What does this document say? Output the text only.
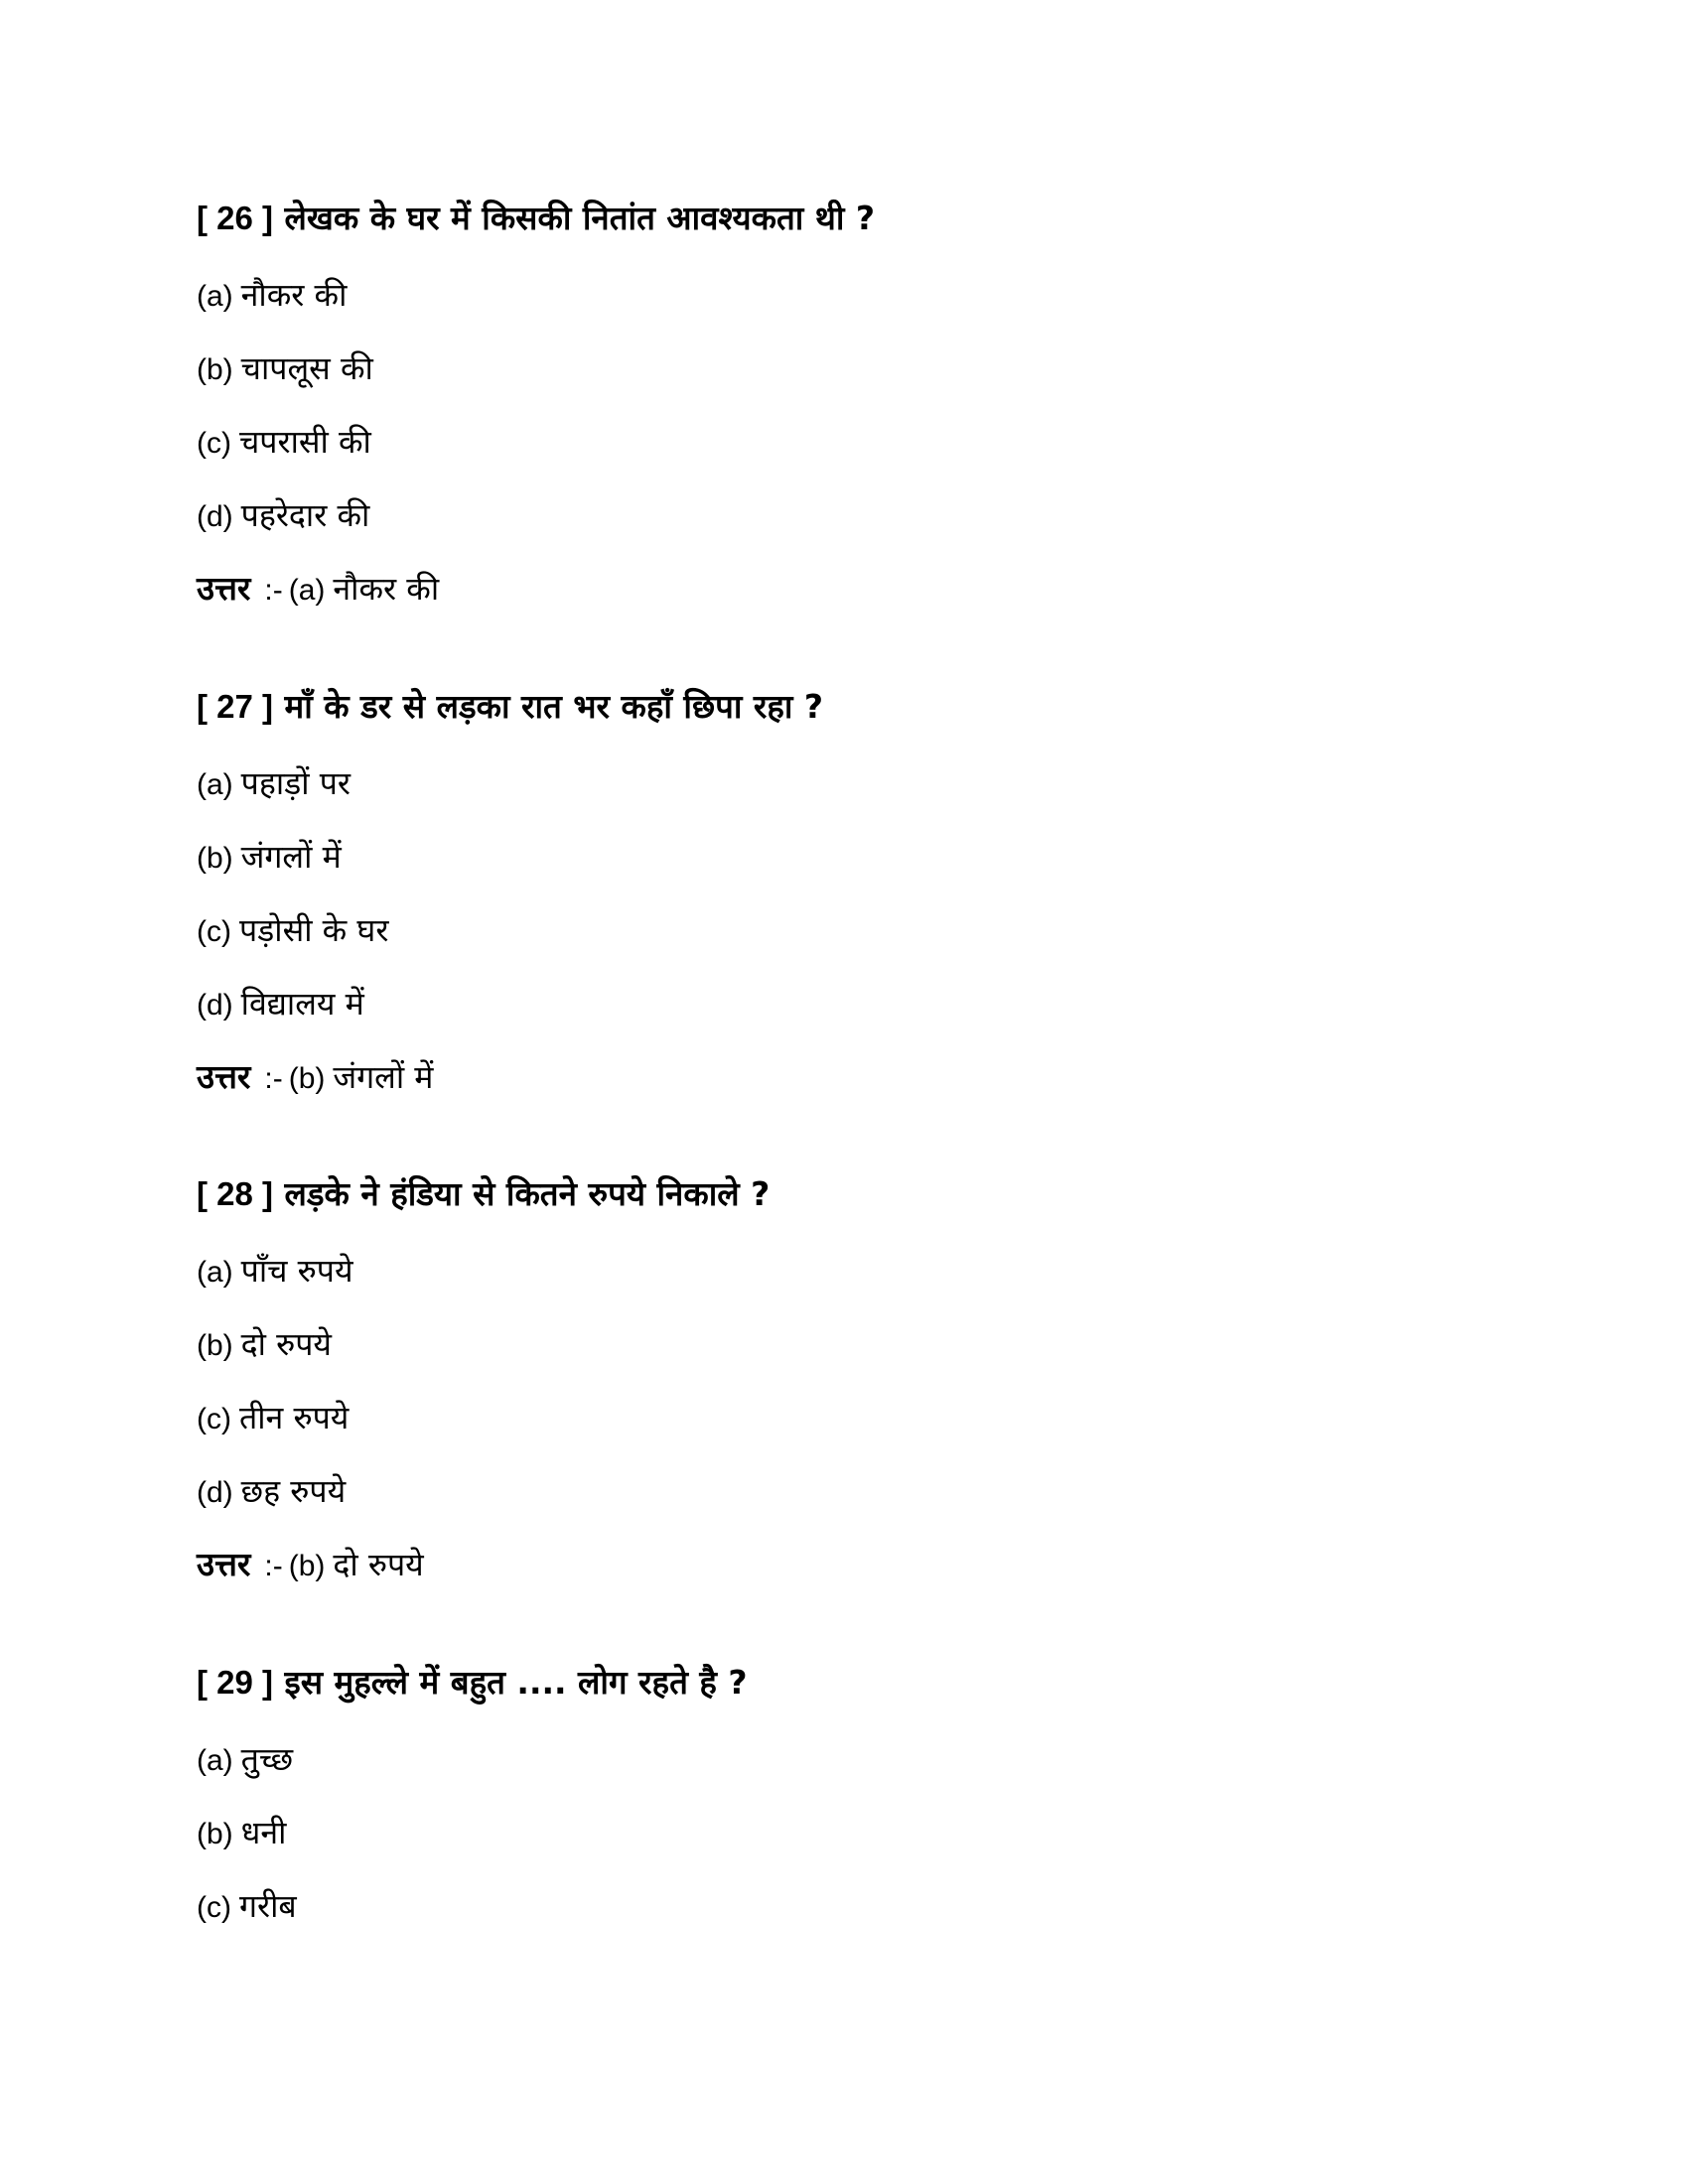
[ 26 ] लेखक के घर में किसकी नितांत आवश्यकता थी ?
(a) नौकर की
(b) चापलूस की
(c) चपरासी की
(d) पहरेदार की
उत्तर :- (a) नौकर की
[ 27 ] माँ के डर से लड़का रात भर कहाँ छिपा रहा ?
(a) पहाड़ों पर
(b) जंगलों में
(c) पड़ोसी के घर
(d) विद्यालय में
उत्तर :- (b) जंगलों में
[ 28 ] लड़के ने हंडिया से कितने रुपये निकाले ?
(a) पाँच रुपये
(b) दो रुपये
(c) तीन रुपये
(d) छह रुपये
उत्तर :- (b) दो रुपये
[ 29 ] इस मुहल्ले में बहुत .... लोग रहते है ?
(a) तुच्छ
(b) धनी
(c) गरीब
